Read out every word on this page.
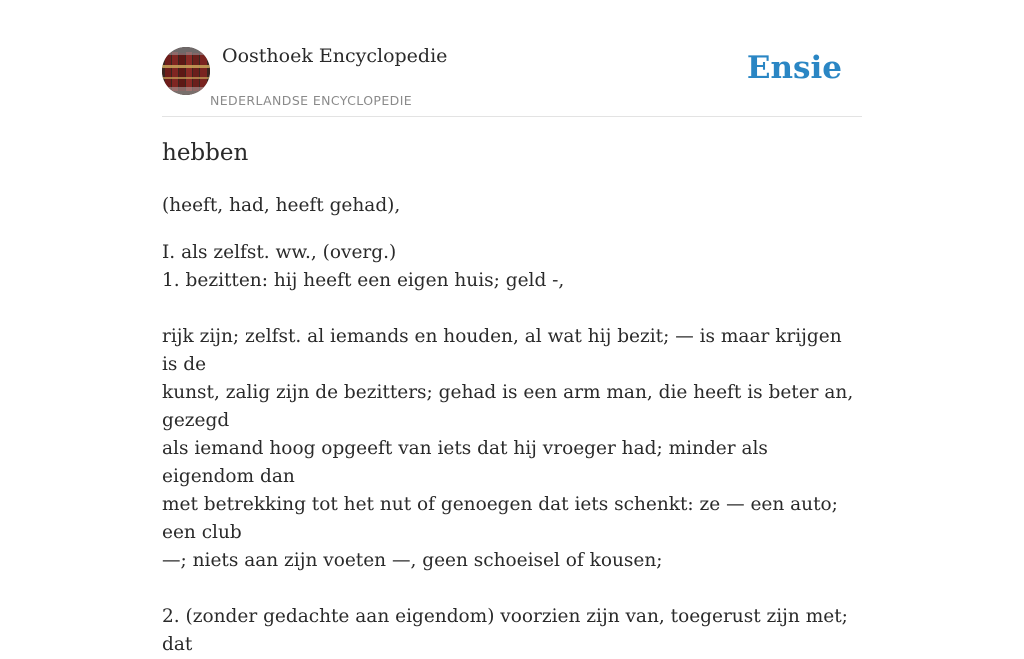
Oosthoek Encyclopedie
NEDERLANDSE ENCYCLOPEDIE
Ensie
hebben

(heeft, had, heeft gehad),

I. als zelfst. ww., (overg.)

1. bezitten: hij heeft een eigen huis; geld -,

rijk zijn; zelfst. al iemands en houden, al wat hij bezit; — is maar krijgen is de

kunst, zalig zijn de bezitters; gehad is een arm man, die heeft is beter an, gezegd

als iemand hoog opgeeft van iets dat hij vroeger had; minder als eigendom dan

met betrekking tot het nut of genoegen dat iets schenkt: ze — een auto; een club

—; niets aan zijn voeten —, geen schoeisel of kousen;

2. (zonder gedachte aan eigendom) voorzien zijn van, toegerust zijn met; dat
